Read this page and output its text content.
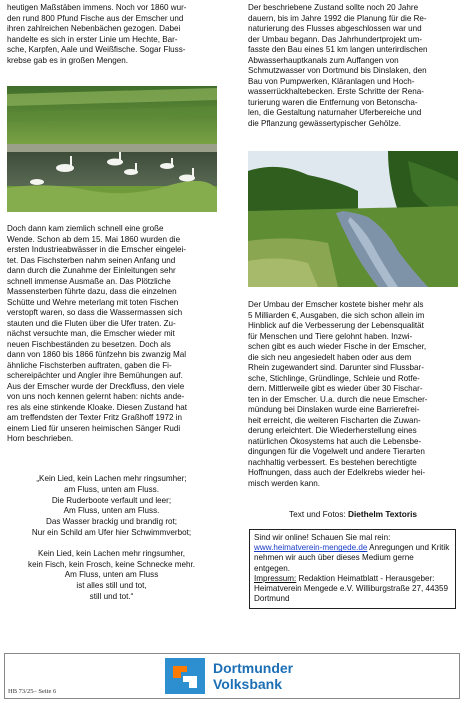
heutigen Maßstäben immens. Noch vor 1860 wur-

den rund 800 Pfund Fische aus der Emscher und

ihren zahlreichen Nebenbächen gezogen. Dabei

handelte es sich in erster Linie um Hechte, Bar-

sche, Karpfen, Aale und Weißfische. Sogar Fluss-

krebse gab es in großen Mengen.

Doch dann kam ziemlich schnell eine große

Wende. Schon ab dem 15. Mai 1860 wurden die

ersten Industrieabwässer in die Emscher eingelei-

tet. Das Fischsterben nahm seinen Anfang und

dann durch die Zunahme der Einleitungen sehr

schnell immense Ausmaße an. Das Plötzliche

Massensterben führte dazu, dass die einzelnen

Schütte und Wehre meterlang mit toten Fischen

verstopft waren, so dass die Wassermassen sich

stauten und die Fluten über die Ufer traten. Zu-

nächst versuchte man, die Emscher wieder mit

neuen Fischbeständen zu besetzen. Doch als

dann von 1860 bis 1866 fünfzehn bis zwanzig Mal

ähnliche Fischsterben auftraten, gaben die Fi-

schereipächter und Angler ihre Bemühungen auf.

Aus der Emscher wurde der Dreckfluss, den viele

von uns noch kennen gelernt haben: nichts ande-

res als eine stinkende Kloake. Diesen Zustand hat

am treffendsten der Texter Fritz Graßhoff 1972 in

einem Lied für unseren heimischen Sänger Rudi

Horn beschrieben.

„Kein Lied, kein Lachen mehr ringsumher;
am Fluss, unten am Fluss.
Die Ruderboote verfault und leer;
Am Fluss, unten am Fluss.
Das Wasser brackig und brandig rot;
Nur ein Schild am Ufer hier Schwimmverbot;
Kein Lied, kein Lachen mehr ringsumher,
kein Fisch, kein Frosch, keine Schnecke mehr.
Am Fluss, unten am Fluss
ist alles still und tot,
still und tot.“

Der beschriebene Zustand sollte noch 20 Jahre

dauern, bis im Jahre 1992 die Planung für die Re-

naturierung des Flusses abgeschlossen war und

der Umbau begann. Das Jahrhundertprojekt um-

fasste den Bau eines 51 km langen unterirdischen

Abwasserhauptkanals zum Auffangen von

Schmutzwasser von Dortmund bis Dinslaken, den

Bau von Pumpwerken, Kläranlagen und Hoch-

wasserrückhaltebecken. Erste Schritte der Rena-

turierung waren die Entfernung von Betonscha-

len, die Gestaltung naturnaher Uferbereiche und

die Pflanzung gewässertypischer Gehölze.

Der Umbau der Emscher kostete bisher mehr als

5 Milliarden €, Ausgaben, die sich schon allein im

Hinblick auf die Verbesserung der Lebensqualität

für Menschen und Tiere gelohnt haben. Inzwi-

schen gibt es auch wieder Fische in der Emscher,

die sich neu angesiedelt haben oder aus dem

Rhein zugewandert sind. Darunter sind Flussbar-

sche, Stichlinge, Gründlinge, Schleie und Rotfe-

dern. Mittlerweile gibt es wieder über 30 Fischar-

ten in der Emscher. U.a. durch die neue Emscher-

mündung bei Dinslaken wurde eine Barrierefrei-

heit erreicht, die weiteren Fischarten die Zuwan-

derung erleichtert. Die Wiederherstellung eines

natürlichen Ökosystems hat auch die Lebensbe-

dingungen für die Vogelwelt und andere Tierarten

nachhaltig verbessert. Es bestehen berechtigte

Hoffnungen, dass auch der Edelkrebs wieder hei-

misch werden kann.

Text und Fotos: Diethelm Textoris
Sind wir online! Schauen Sie mal rein:
www.heimatverein-mengede.de Anregungen und Kritik nehmen wir auch über dieses Medium gerne entgegen.
Impressum: Redaktion Heimatblatt - Herausgeber: Heimatverein Mengede e.V. Williburgstraße 27, 44359 Dortmund
Dortmunder
Volksbank
HB 73/25– Seite 6
